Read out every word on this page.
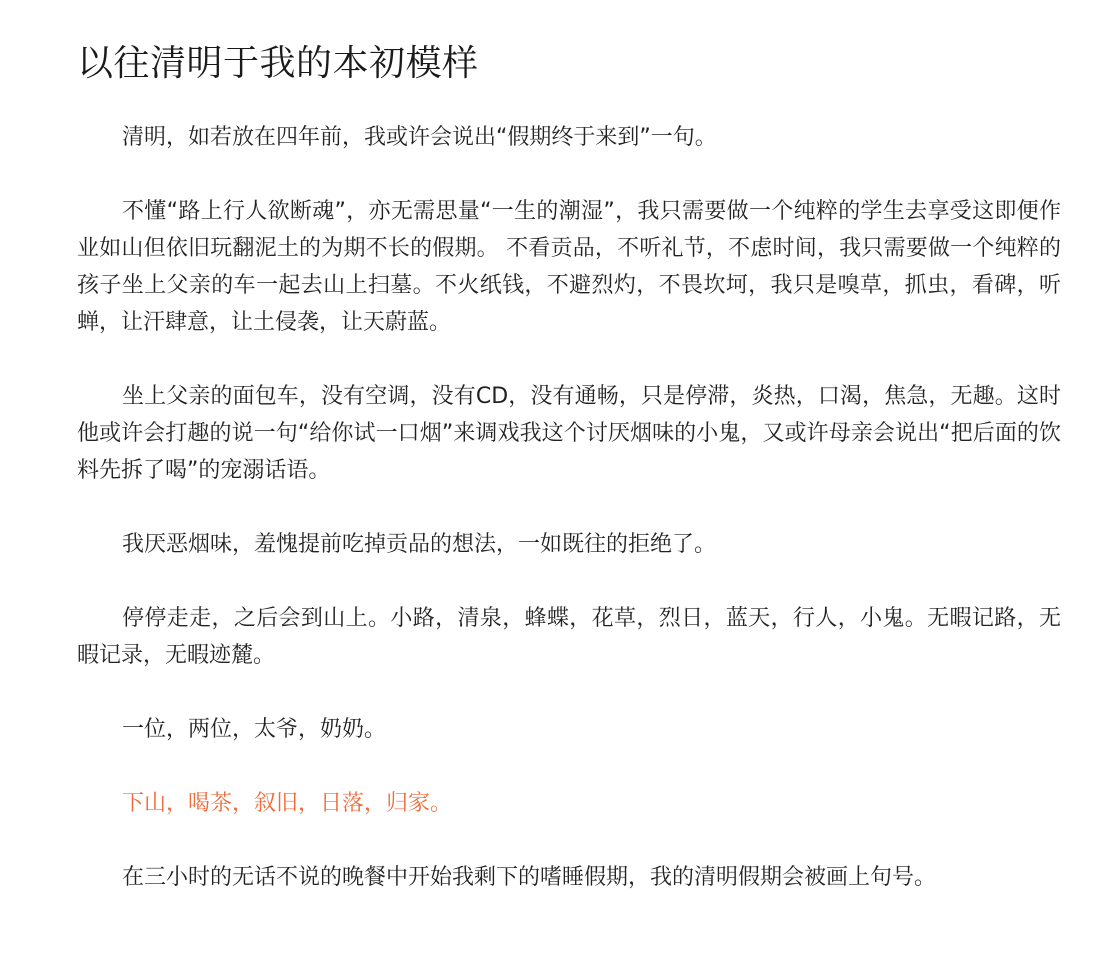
以往清明于我的本初模样

清明，如若放在四年前，我或许会说出“假期终于来到”一句。

不懂“路上行人欲断魂”，亦无需思量“一生的潮湿”，我只需要做一个纯粹的学生去享受这即便作业如山但依旧玩翻泥土的为期不长的假期。 不看贡品，不听礼节，不虑时间，我只需要做一个纯粹的孩子坐上父亲的车一起去山上扫墓。不火纸钱，不避烈灼，不畏坎坷，我只是嗅草，抓虫，看碑，听蝉，让汗肆意，让土侵袭，让天蔚蓝。

坐上父亲的面包车，没有空调，没有CD，没有通畅，只是停滞，炎热，口渴，焦急，无趣。这时他或许会打趣的说一句“给你试一口烟”来调戏我这个讨厌烟味的小鬼，又或许母亲会说出“把后面的饮料先拆了喝”的宠溺话语。

我厌恶烟味，羞愧提前吃掉贡品的想法，一如既往的拒绝了。

停停走走，之后会到山上。小路，清泉，蜂蝶，花草，烈日，蓝天，行人，小鬼。无暇记路，无暇记录，无暇迹麓。

一位，两位，太爷，奶奶。

下山，喝茶，叙旧，日落，归家。

在三小时的无话不说的晚餐中开始我剩下的嗜睡假期，我的清明假期会被画上句号。
